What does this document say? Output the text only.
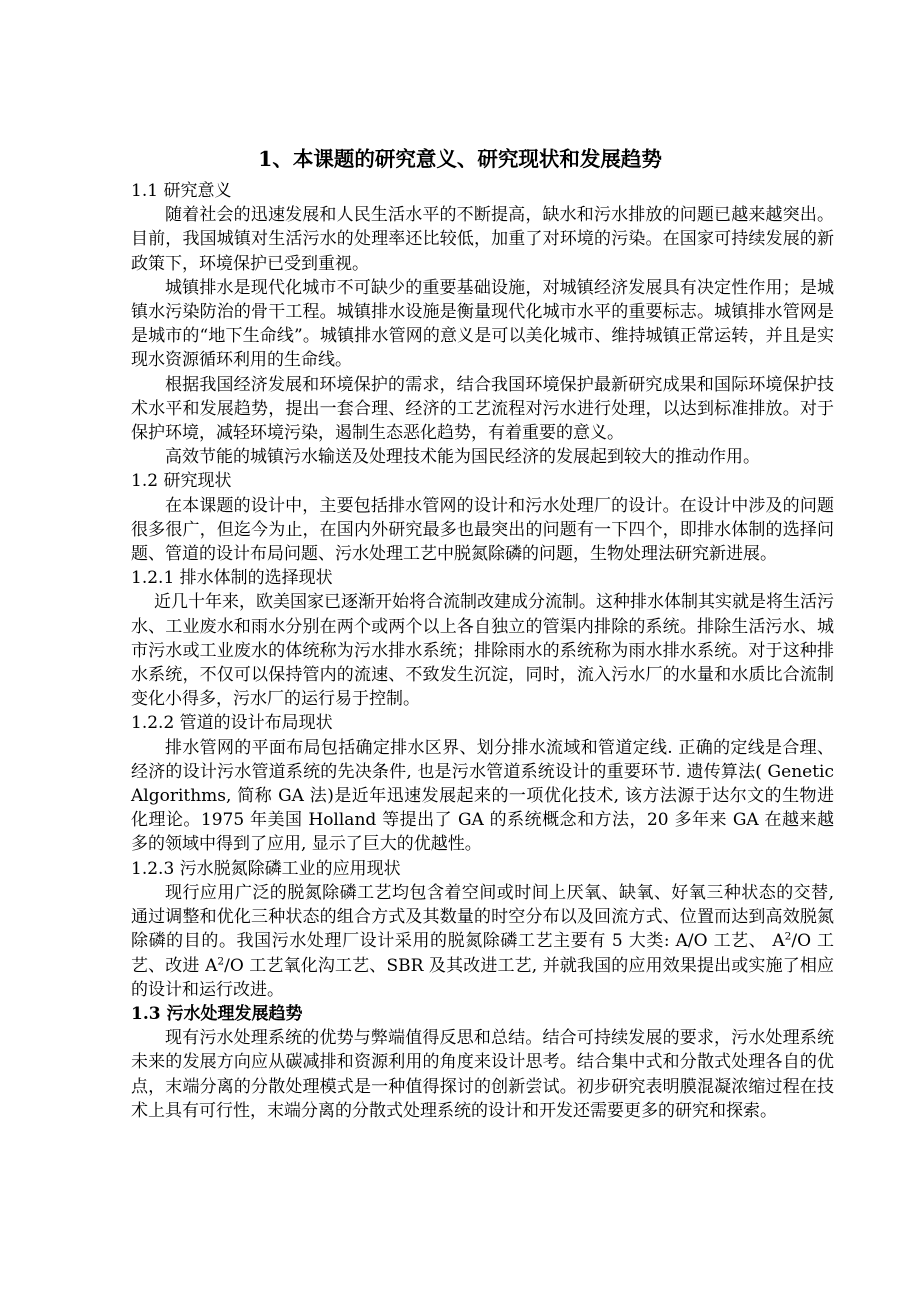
1、本课题的研究意义、研究现状和发展趋势

1.1 研究意义

随着社会的迅速发展和人民生活水平的不断提高，缺水和污水排放的问题已越来越突出。目前，我国城镇对生活污水的处理率还比较低，加重了对环境的污染。在国家可持续发展的新政策下，环境保护已受到重视。

城镇排水是现代化城市不可缺少的重要基础设施，对城镇经济发展具有决定性作用；是城镇水污染防治的骨干工程。城镇排水设施是衡量现代化城市水平的重要标志。城镇排水管网是是城市的“地下生命线”。城镇排水管网的意义是可以美化城市、维持城镇正常运转，并且是实现水资源循环利用的生命线。

根据我国经济发展和环境保护的需求，结合我国环境保护最新研究成果和国际环境保护技术水平和发展趋势，提出一套合理、经济的工艺流程对污水进行处理，以达到标准排放。对于保护环境，减轻环境污染，遏制生态恶化趋势，有着重要的意义。

高效节能的城镇污水输送及处理技术能为国民经济的发展起到较大的推动作用。

1.2 研究现状

在本课题的设计中，主要包括排水管网的设计和污水处理厂的设计。在设计中涉及的问题很多很广，但迄今为止，在国内外研究最多也最突出的问题有一下四个，即排水体制的选择问题、管道的设计布局问题、污水处理工艺中脱氮除磷的问题，生物处理法研究新进展。

1.2.1 排水体制的选择现状

近几十年来，欧美国家已逐渐开始将合流制改建成分流制。这种排水体制其实就是将生活污水、工业废水和雨水分别在两个或两个以上各自独立的管渠内排除的系统。排除生活污水、城市污水或工业废水的体统称为污水排水系统；排除雨水的系统称为雨水排水系统。对于这种排水系统，不仅可以保持管内的流速、不致发生沉淀，同时，流入污水厂的水量和水质比合流制变化小得多，污水厂的运行易于控制。

1.2.2 管道的设计布局现状

排水管网的平面布局包括确定排水区界、划分排水流域和管道定线. 正确的定线是合理、经济的设计污水管道系统的先决条件, 也是污水管道系统设计的重要环节. 遗传算法( Genetic Algorithms, 简称 GA 法)是近年迅速发展起来的一项优化技术, 该方法源于达尔文的生物进化理论。1975 年美国 Holland 等提出了 GA 的系统概念和方法，20 多年来 GA 在越来越多的领域中得到了应用, 显示了巨大的优越性。

1.2.3 污水脱氮除磷工业的应用现状

现行应用广泛的脱氮除磷工艺均包含着空间或时间上厌氧、缺氧、好氧三种状态的交替, 通过调整和优化三种状态的组合方式及其数量的时空分布以及回流方式、位置而达到高效脱氮除磷的目的。我国污水处理厂设计采用的脱氮除磷工艺主要有 5 大类: A/O 工艺、 $A^2/O$ 工艺、改进 $A^2/O$ 工艺氧化沟工艺、SBR 及其改进工艺, 并就我国的应用效果提出或实施了相应的设计和运行改进。

1.3 污水处理发展趋势

现有污水处理系统的优势与弊端值得反思和总结。结合可持续发展的要求，污水处理系统未来的发展方向应从碳减排和资源利用的角度来设计思考。结合集中式和分散式处理各自的优点，末端分离的分散处理模式是一种值得探讨的创新尝试。初步研究表明膜混凝浓缩过程在技术上具有可行性，末端分离的分散式处理系统的设计和开发还需要更多的研究和探索。
